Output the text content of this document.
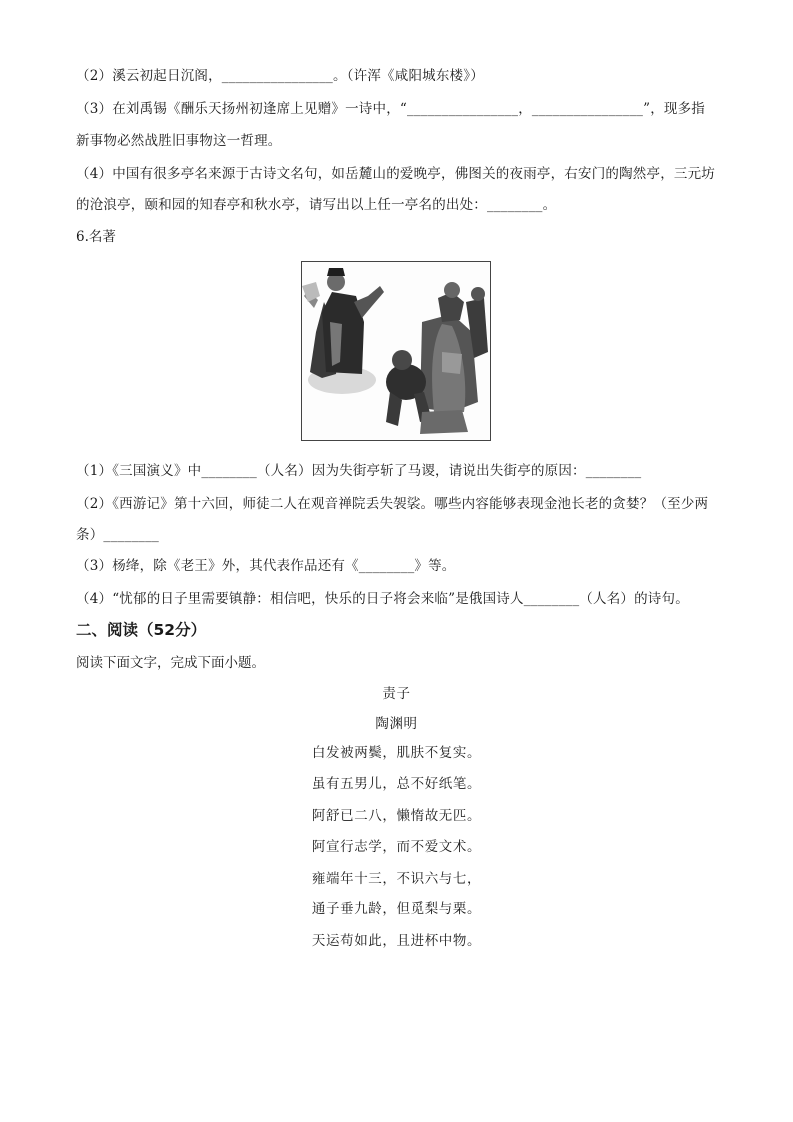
（2）溪云初起日沉阁，________________。（许浑《咸阳城东楼》）
（3）在刘禹锡《酬乐天扬州初逢席上见赠》一诗中，“________________，________________”，现多指
新事物必然战胜旧事物这一哲理。
（4）中国有很多亭名来源于古诗文名句，如岳麓山的爱晚亭，佛图关的夜雨亭，右安门的陶然亭，三元坊
的沧浪亭，颐和园的知春亭和秋水亭，请写出以上任一亭名的出处：________。
6.名著
（1）《三国演义》中________（人名）因为失街亭斩了马谡，请说出失街亭的原因：________
（2）《西游记》第十六回，师徒二人在观音禅院丢失袈裟。哪些内容能够表现金池长老的贪婪？（至少两
条）________
（3）杨绛，除《老王》外，其代表作品还有《________》等。
（4）“忧郁的日子里需要镇静：相信吧，快乐的日子将会来临”是俄国诗人________（人名）的诗句。
二、阅读（52分）
阅读下面文字，完成下面小题。
责子
陶渊明
白发被两鬓，肌肤不复实。
虽有五男儿，总不好纸笔。
阿舒已二八，懒惰故无匹。
阿宣行志学，而不爱文术。
雍端年十三，不识六与七，
通子垂九龄，但觅梨与栗。
天运苟如此，且进杯中物。
